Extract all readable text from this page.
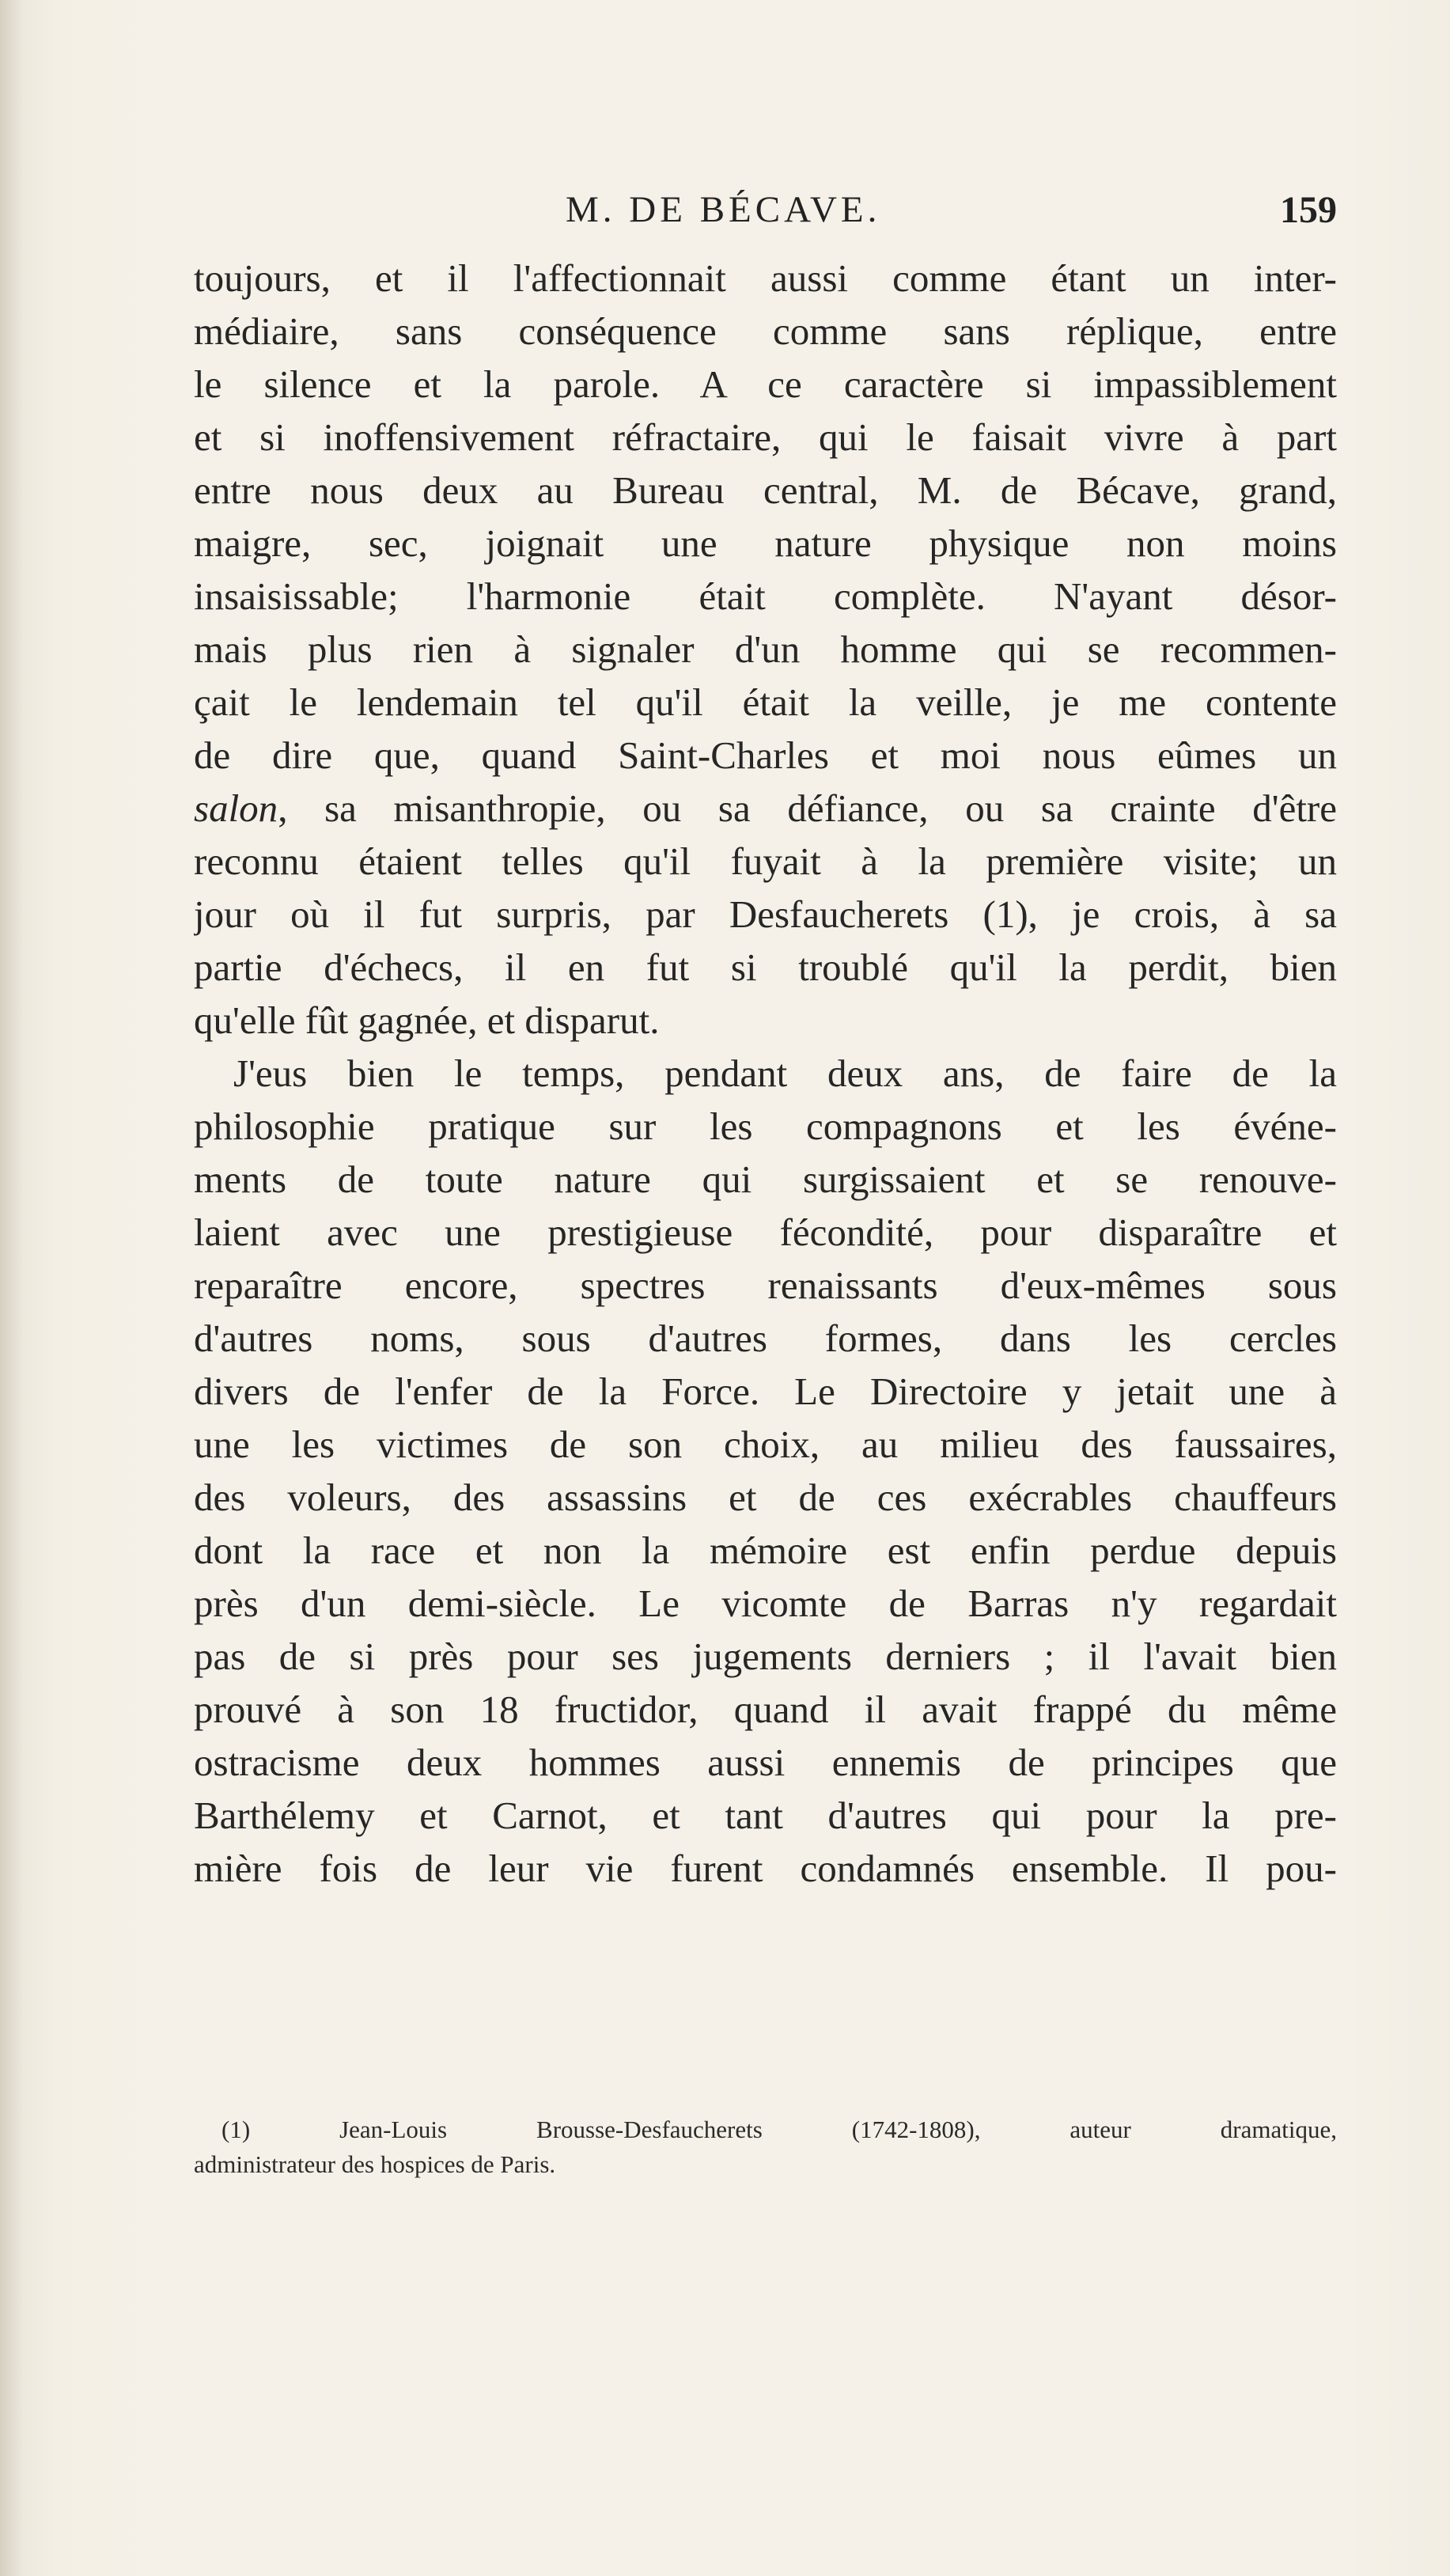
M. DE BÉCAVE.	159
toujours, et il l'affectionnait aussi comme étant un inter-
médiaire, sans conséquence comme sans réplique, entre
le silence et la parole. A ce caractère si impassiblement
et si inoffensivement réfractaire, qui le faisait vivre à part
entre nous deux au Bureau central, M. de Bécave, grand,
maigre, sec, joignait une nature physique non moins
insaisissable; l'harmonie était complète. N'ayant désor-
mais plus rien à signaler d'un homme qui se recommen-
çait le lendemain tel qu'il était la veille, je me contente
de dire que, quand Saint-Charles et moi nous eûmes un
salon, sa misanthropie, ou sa défiance, ou sa crainte d'être
reconnu étaient telles qu'il fuyait à la première visite; un
jour où il fut surpris, par Desfaucherets (1), je crois, à sa
partie d'échecs, il en fut si troublé qu'il la perdit, bien
qu'elle fût gagnée, et disparut.
J'eus bien le temps, pendant deux ans, de faire de la
philosophie pratique sur les compagnons et les événe-
ments de toute nature qui surgissaient et se renouve-
laient avec une prestigieuse fécondité, pour disparaître et
reparaître encore, spectres renaissants d'eux-mêmes sous
d'autres noms, sous d'autres formes, dans les cercles
divers de l'enfer de la Force. Le Directoire y jetait une à
une les victimes de son choix, au milieu des faussaires,
des voleurs, des assassins et de ces exécrables chauffeurs
dont la race et non la mémoire est enfin perdue depuis
près d'un demi-siècle. Le vicomte de Barras n'y regardait
pas de si près pour ses jugements derniers ; il l'avait bien
prouvé à son 18 fructidor, quand il avait frappé du même
ostracisme deux hommes aussi ennemis de principes que
Barthélemy et Carnot, et tant d'autres qui pour la pre-
mière fois de leur vie furent condamnés ensemble. Il pou-
(1) Jean-Louis Brousse-Desfaucherets (1742-1808), auteur dramatique,
administrateur des hospices de Paris.
